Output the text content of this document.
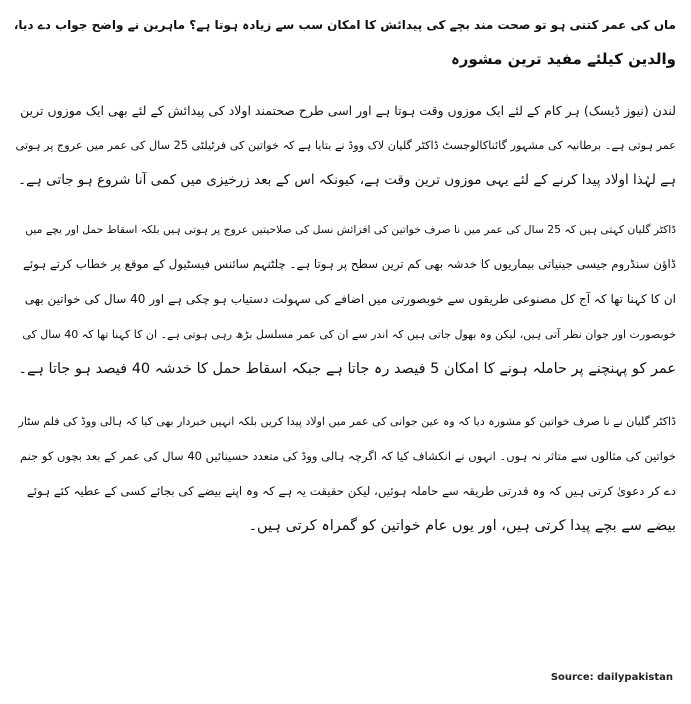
ماں کی عمر کتنی ہو تو صحت مند بچے کی پیدائش کا امکان سب سے زیادہ ہوتا ہے؟ ماہرین نے واضح جواب دے دیا،
والدین کیلئے مفید ترین مشورہ

لندن (نیوز ڈیسک) ہر کام کے لئے ایک موزوں وقت ہوتا ہے اور اسی طرح صحتمند اولاد کی پیدائش کے لئے بھی ایک موزوں ترین
عمر ہوتی ہے۔ برطانیہ کی مشہور گائناکالوجسٹ ڈاکٹر گلیان لاک ووڈ نے بتایا ہے کہ خواتین کی فرٹیلٹی 25 سال کی عمر میں عروج پر ہوتی
ہے لہٰذا اولاد پیدا کرنے کے لئے یہی موزوں ترین وقت ہے، کیونکہ اس کے بعد زرخیزی میں کمی آنا شروع ہو جاتی ہے۔

ڈاکٹر گلیان کہتی ہیں کہ 25 سال کی عمر میں نا صرف خواتین کی افزائش نسل کی صلاحیتیں عروج پر ہوتی ہیں بلکہ اسقاط حمل اور بچے میں
ڈاؤن سنڈروم جیسی جینیاتی بیماریوں کا خدشہ بھی کم ترین سطح پر ہوتا ہے۔ چلٹنہم سائنس فیسٹیول کے موقع پر خطاب کرتے ہوئے
ان کا کہنا تھا کہ آج کل مصنوعی طریقوں سے خوبصورتی میں اضافے کی سہولت دستیاب ہو چکی ہے اور 40 سال کی خواتین بھی
خوبصورت اور جوان نظر آتی ہیں، لیکن وہ بھول جاتی ہیں کہ اندر سے ان کی عمر مسلسل بڑھ رہی ہوتی ہے۔ ان کا کہنا تھا کہ 40 سال کی
عمر کو پہنچنے پر حاملہ ہونے کا امکان 5 فیصد رہ جاتا ہے جبکہ اسقاط حمل کا خدشہ 40 فیصد ہو جاتا ہے۔

ڈاکٹر گلیان نے نا صرف خواتین کو مشورہ دیا کہ وہ عین جوانی کی عمر میں اولاد پیدا کریں بلکہ انہیں خبردار بھی کیا کہ ہالی ووڈ کی فلم سٹار
خواتین کی مثالوں سے متاثر نہ ہوں۔ انہوں نے انکشاف کیا کہ اگرچہ ہالی ووڈ کی متعدد حسینائیں 40 سال کی عمر کے بعد بچوں کو جنم
دے کر دعویٰ کرتی ہیں کہ وہ قدرتی طریقہ سے حاملہ ہوئیں، لیکن حقیقت یہ ہے کہ وہ اپنے بیضے کی بجائے کسی کے عطیہ کئے ہوئے
بیضے سے بچے پیدا کرتی ہیں، اور یوں عام خواتین کو گمراہ کرتی ہیں۔

Source: dailypakistan
